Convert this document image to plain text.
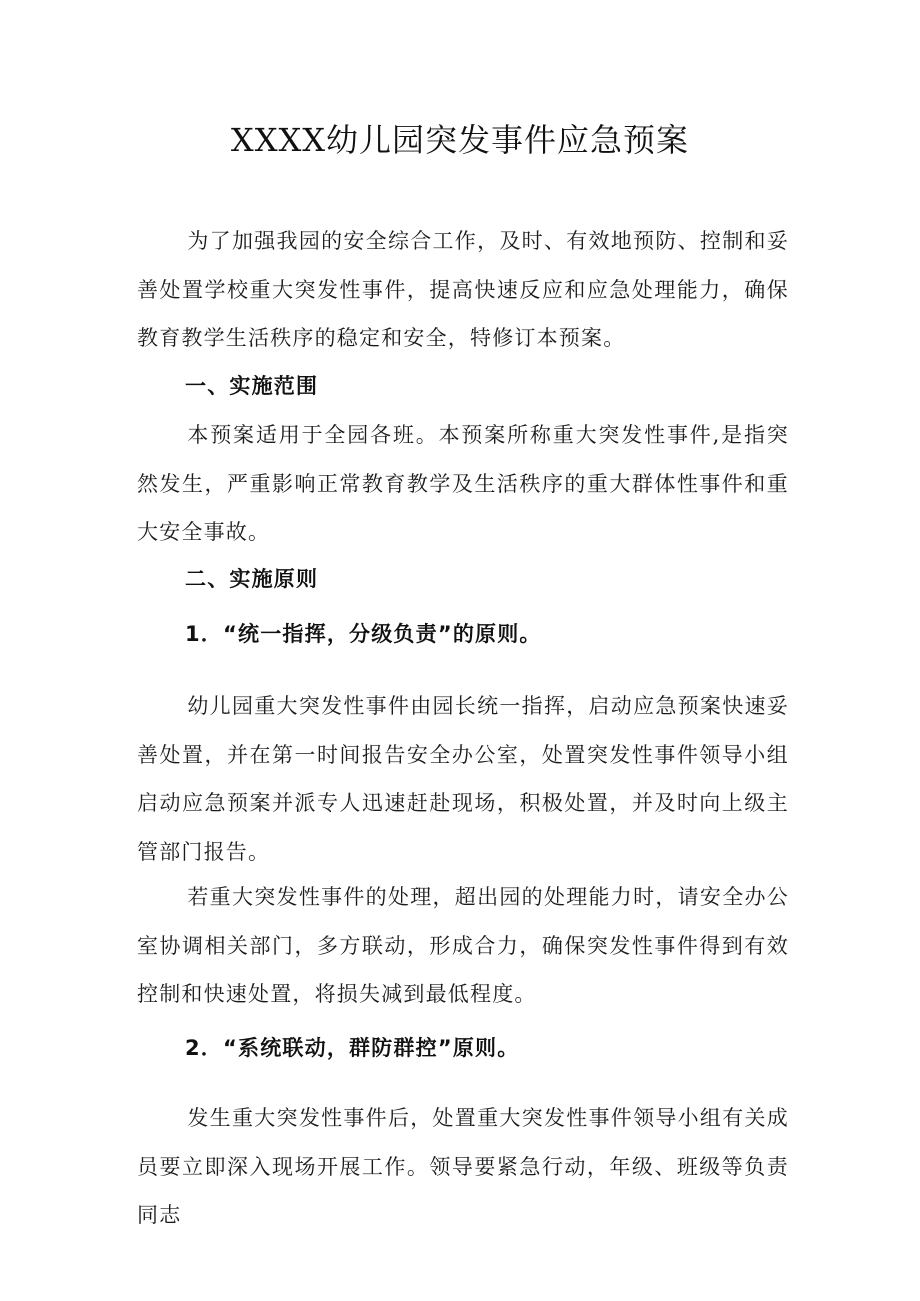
XXXX幼儿园突发事件应急预案
为了加强我园的安全综合工作，及时、有效地预防、控制和妥善处置学校重大突发性事件，提高快速反应和应急处理能力，确保教育教学生活秩序的稳定和安全，特修订本预案。
一、实施范围
本预案适用于全园各班。本预案所称重大突发性事件,是指突然发生，严重影响正常教育教学及生活秩序的重大群体性事件和重大安全事故。
二、实施原则
1．“统一指挥，分级负责”的原则。
幼儿园重大突发性事件由园长统一指挥，启动应急预案快速妥善处置，并在第一时间报告安全办公室，处置突发性事件领导小组启动应急预案并派专人迅速赶赴现场，积极处置，并及时向上级主管部门报告。
若重大突发性事件的处理，超出园的处理能力时，请安全办公室协调相关部门，多方联动，形成合力，确保突发性事件得到有效控制和快速处置，将损失减到最低程度。
2．“系统联动，群防群控”原则。
发生重大突发性事件后，处置重大突发性事件领导小组有关成员要立即深入现场开展工作。领导要紧急行动，年级、班级等负责同志
